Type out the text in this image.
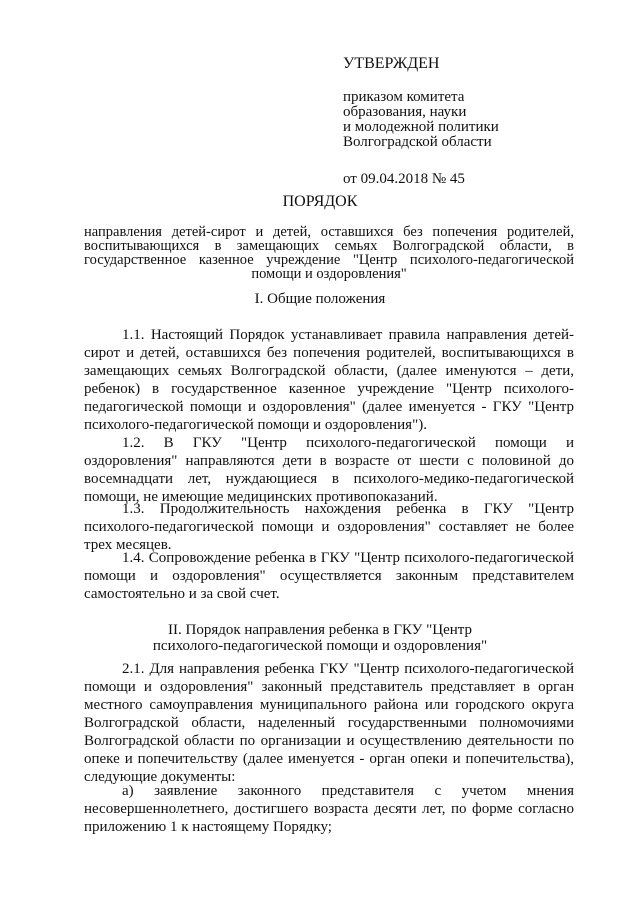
УТВЕРЖДЕН
приказом комитета
образования, науки
и молодежной политики
Волгоградской области
от 09.04.2018 № 45
ПОРЯДОК
направления детей-сирот и детей, оставшихся без попечения родителей, воспитывающихся в замещающих семьях Волгоградской области, в государственное казенное учреждение "Центр психолого-педагогической помощи и оздоровления"
I. Общие положения

1.1. Настоящий Порядок устанавливает правила направления детей-сирот и детей, оставшихся без попечения родителей, воспитывающихся в замещающих семьях Волгоградской области, (далее именуются – дети, ребенок) в государственное казенное учреждение "Центр психолого-педагогической помощи и оздоровления" (далее именуется - ГКУ "Центр психолого-педагогической помощи и оздоровления").

1.2. В ГКУ "Центр психолого-педагогической помощи и оздоровления" направляются дети в возрасте от шести с половиной до восемнадцати лет, нуждающиеся в психолого-медико-педагогической помощи, не имеющие медицинских противопоказаний.

1.3. Продолжительность нахождения ребенка в ГКУ "Центр психолого-педагогической помощи и оздоровления" составляет не более трех месяцев.

1.4. Сопровождение ребенка в ГКУ "Центр психолого-педагогической помощи и оздоровления" осуществляется законным представителем самостоятельно и за свой счет.

II. Порядок направления ребенка в ГКУ "Центр
психолого-педагогической помощи и оздоровления"

2.1. Для направления ребенка ГКУ "Центр психолого-педагогической помощи и оздоровления" законный представитель представляет в орган местного самоуправления муниципального района или городского округа Волгоградской области, наделенный государственными полномочиями Волгоградской области по организации и осуществлению деятельности по опеке и попечительству (далее именуется - орган опеки и попечительства), следующие документы:

а) заявление законного представителя с учетом мнения несовершеннолетнего, достигшего возраста десяти лет, по форме согласно приложению 1 к настоящему Порядку;
